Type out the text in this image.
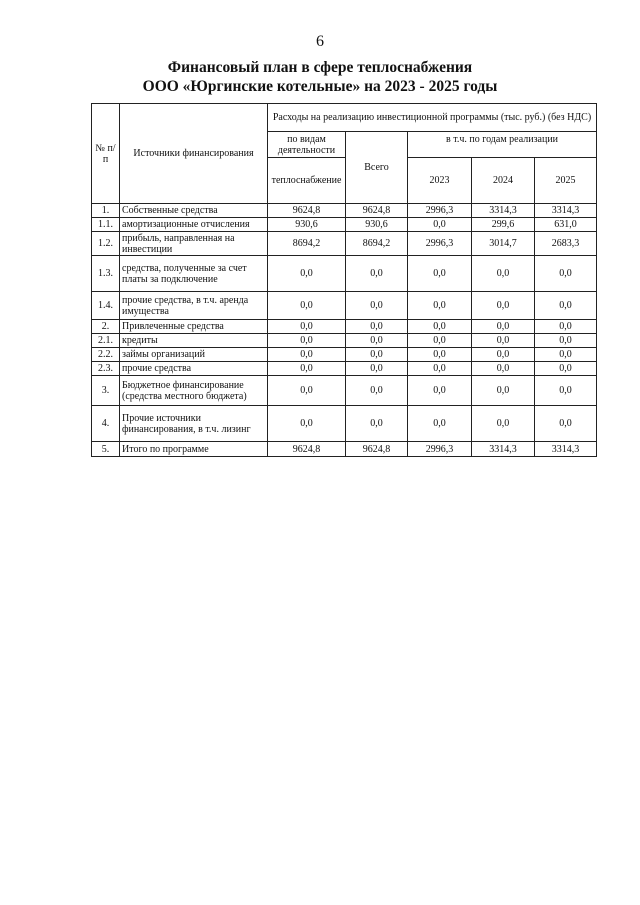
6
Финансовый план в сфере теплоснабжения
ООО «Юргинские котельные» на 2023 - 2025 годы
№ п/п	Источники финансирования	Расходы на реализацию инвестиционной программы (тыс. руб.) (без НДС)				
		по видам деятельности	Всего	в т.ч. по годам реализации		
		теплоснабжение		2023	2024	2025
1.	Собственные средства	9624,8	9624,8	2996,3	3314,3	3314,3
1.1.	амортизационные отчисления	930,6	930,6	0,0	299,6	631,0
1.2.	прибыль, направленная на инвестиции	8694,2	8694,2	2996,3	3014,7	2683,3
1.3.	средства, полученные за счет платы за подключение	0,0	0,0	0,0	0,0	0,0
1.4.	прочие средства, в т.ч. аренда имущества	0,0	0,0	0,0	0,0	0,0
2.	Привлеченные средства	0,0	0,0	0,0	0,0	0,0
2.1.	кредиты	0,0	0,0	0,0	0,0	0,0
2.2.	займы организаций	0,0	0,0	0,0	0,0	0,0
2.3.	прочие средства	0,0	0,0	0,0	0,0	0,0
3.	Бюджетное финансирование (средства местного бюджета)	0,0	0,0	0,0	0,0	0,0
4.	Прочие источники финансирования, в т.ч. лизинг	0,0	0,0	0,0	0,0	0,0
5.	Итого по программе	9624,8	9624,8	2996,3	3314,3	3314,3
